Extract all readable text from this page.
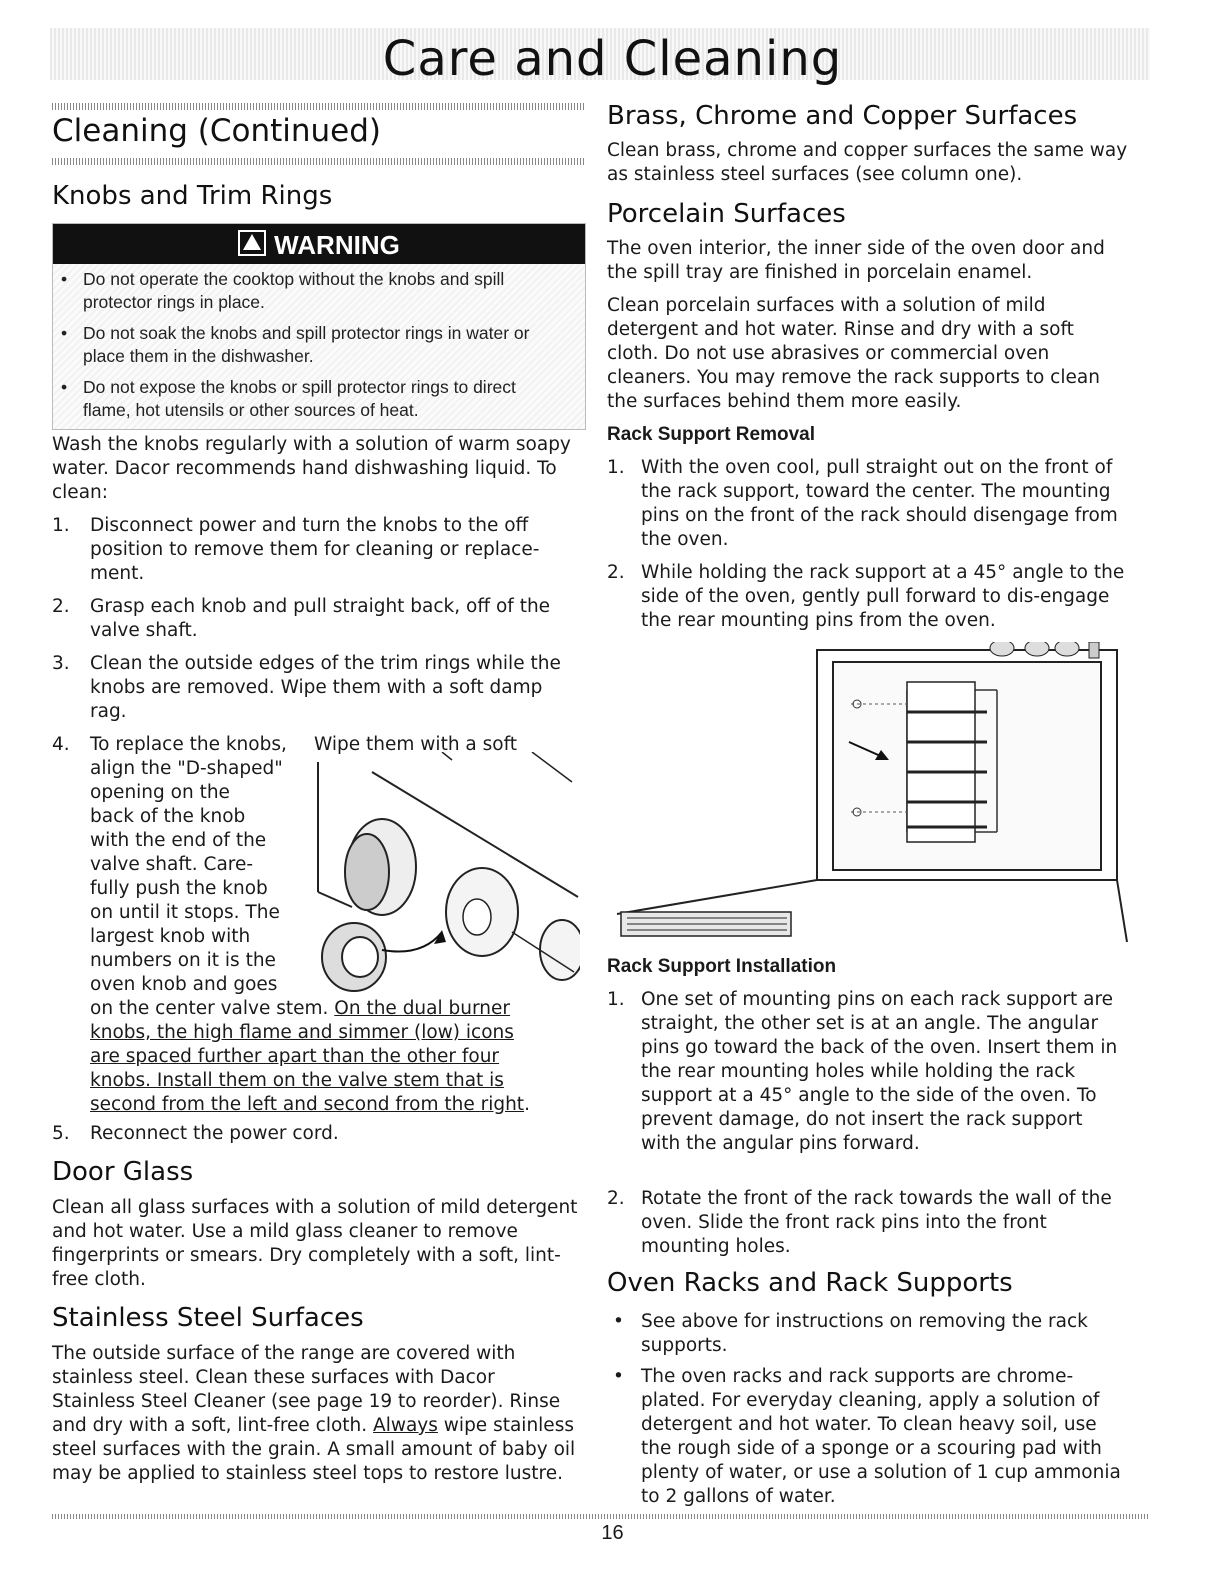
Care and Cleaning
Cleaning (Continued)
Knobs and Trim Rings
WARNING
• Do not operate the cooktop without the knobs and spill protector rings in place.
• Do not soak the knobs and spill protector rings in water or place them in the dishwasher.
• Do not expose the knobs or spill protector rings to direct flame, hot utensils or other sources of heat.

Wash the knobs regularly with a solution of warm soapy water. Dacor recommends hand dishwashing liquid. To clean:

1.	Disconnect power and turn the knobs to the off position to remove them for cleaning or replace-ment.
2.	Grasp each knob and pull straight back, off of the valve shaft.
3.	Clean the outside edges of the trim rings while the knobs are removed. Wipe them with a soft damp rag.
4. To replace the knobs,
align the "D-shaped"
opening on the
back of the knob
with the end of the
valve shaft. Care-
fully push the knob
on until it stops. The
largest knob with
numbers on it is the
oven knob and goes
Wipe them with a soft
on the center valve stem. On the dual burner
knobs, the high flame and simmer (low) icons
are spaced further apart than the other four
knobs. Install them on the valve stem that is
second from the left and second from the right.
5.	Reconnect the power cord.
Door Glass

Clean all glass surfaces with a solution of mild detergent and hot water. Use a mild glass cleaner to remove fingerprints or smears. Dry completely with a soft, lint-free cloth.

Stainless Steel Surfaces

The outside surface of the range are covered with stainless steel. Clean these surfaces with Dacor Stainless Steel Cleaner (see page 19 to reorder). Rinse and dry with a soft, lint-free cloth. Always wipe stainless steel surfaces with the grain. A small amount of baby oil may be applied to stainless steel tops to restore lustre.

Brass, Chrome and Copper Surfaces

Clean brass, chrome and copper surfaces the same way as stainless steel surfaces (see column one).

Porcelain Surfaces

The oven interior, the inner side of the oven door and the spill tray are finished in porcelain enamel.

Clean porcelain surfaces with a solution of mild detergent and hot water. Rinse and dry with a soft cloth. Do not use abrasives or commercial oven cleaners. You may remove the rack supports to clean the surfaces behind them more easily.

Rack Support Removal
1. With the oven cool, pull straight out on the front of the rack support, toward the center. The mounting pins on the front of the rack should disengage from the oven.
2. While holding the rack support at a 45° angle to the side of the oven, gently pull forward to dis-engage the rear mounting pins from the oven.
Rack Support Installation
1. One set of mounting pins on each rack support are straight, the other set is at an angle. The angular pins go toward the back of the oven. Insert them in the rear mounting holes while holding the rack support at a 45° angle to the side of the oven. To prevent damage, do not insert the rack support with the angular pins forward.
2. Rotate the front of the rack towards the wall of the oven. Slide the front rack pins into the front mounting holes.
Oven Racks and Rack Supports
• See above for instructions on removing the rack supports.
• The oven racks and rack supports are chrome-plated. For everyday cleaning, apply a solution of detergent and hot water. To clean heavy soil, use the rough side of a sponge or a scouring pad with plenty of water, or use a solution of 1 cup ammonia to 2 gallons of water.
16
